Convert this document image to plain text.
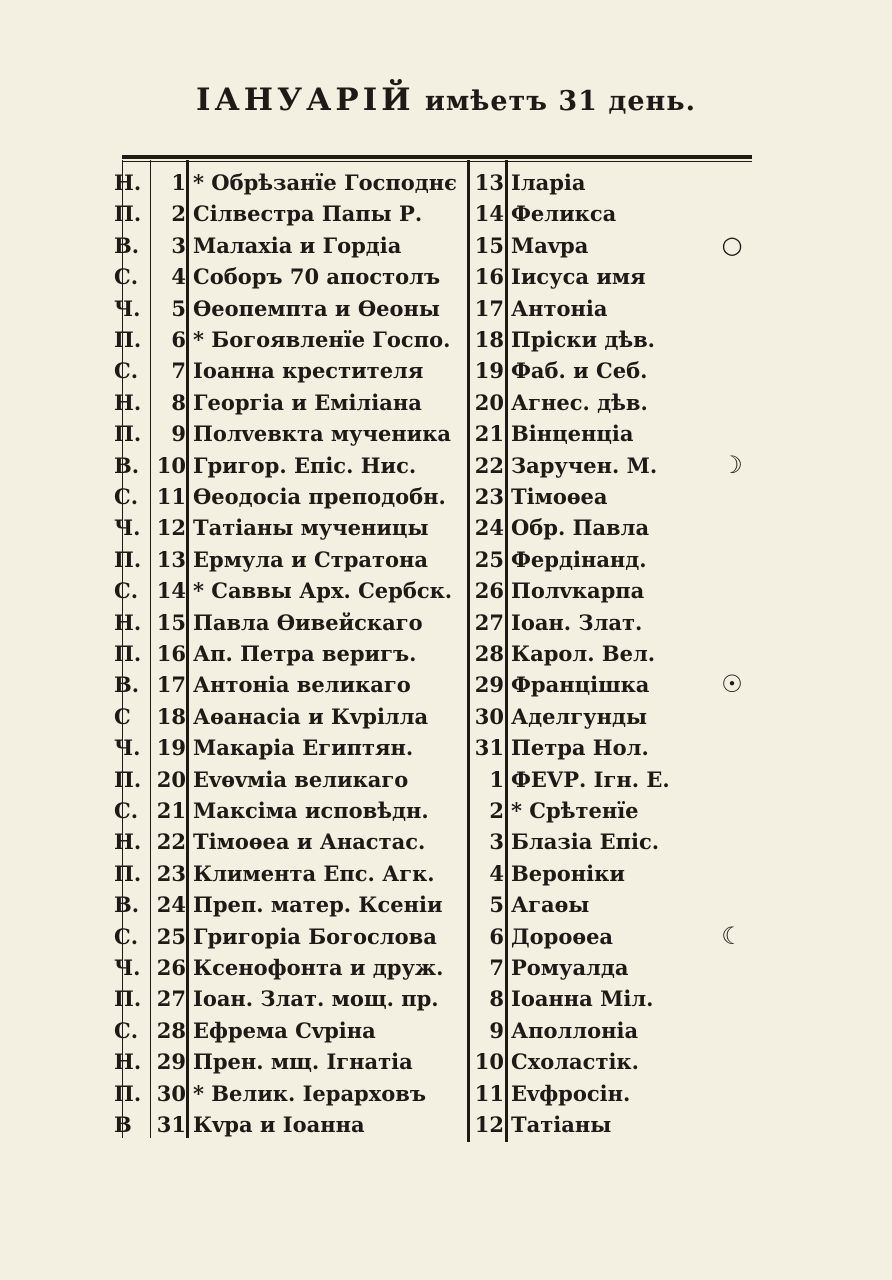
ІАНУАРІЙ имѣетъ 31 день.
Н.	1 * Обрѣзанїе Господнє 13 Іларіа
П.	2 Сілвестра Папы Р.	14 Феликса
В.	3 Малахіа и Гордіа	15 Маvра	○
С.	4 Соборъ 70 апостолъ	16 Іисуса имя
Ч.	5 Ѳеопемпта и Ѳеоны	17 Антоніа
П.	6 * Богоявленїе Госпо.	18 Пріски дѣв.
С.	7 Іоанна крестителя	19 Фаб. и Себ.
Н.	8 Георгіа и Еміліана	20 Агнес. дѣв.
П.	9 Полvевкта мученика	21 Вінценціа
В. 10 Григор. Епіс. Нис.	22 Заручен. М.	☽
С. 11 Ѳеодосіа преподобн.	23 Тімоѳеа
Ч. 12 Татіаны мученицы	24 Обр. Павла
П. 13 Ермула и Стратона	25 Фердінанд.
С. 14 * Саввы Арх. Сербск.	26 Полvкарпа
Н. 15 Павла Ѳивейскаго	27 Іоан. Злат.
П. 16 Ап. Петра веригъ.	28 Карол. Вел.
В. 17 Антоніа великаго	29 Францішка	☉
С	18 Аѳанасіа и Кvрілла	30 Аделгунды
Ч. 19 Макаріа Египтян.	31 Петра Нол.
П. 20 Еvѳvміа великаго	1 ФЕVР. Ігн. Е.
С. 21 Максіма исповѣдн.	2 * Срѣтенїе
Н. 22 Тімоѳеа и Анастас.	3 Блазіа Епіс.
П. 23 Климента Епс. Агк.	4 Вероніки
В. 24 Преп. матер. Ксеніи	5 Агаѳы
С. 25 Григоріа Богослова	6 Дороѳеа	☾
Ч. 26 Ксенофонта и друж.	7 Ромуалда
П. 27 Іоан. Злат. мощ. пр.	8 Іоанна Міл.
С. 28 Ефрема Сvріна	9 Аполлоніа
Н. 29 Прен. мщ. Ігнатіа	10 Схоластік.
П. 30 * Велик. Іерарховъ	11 Еvфросін.
В	31 Кvра и Іоанна	12 Татіаны
